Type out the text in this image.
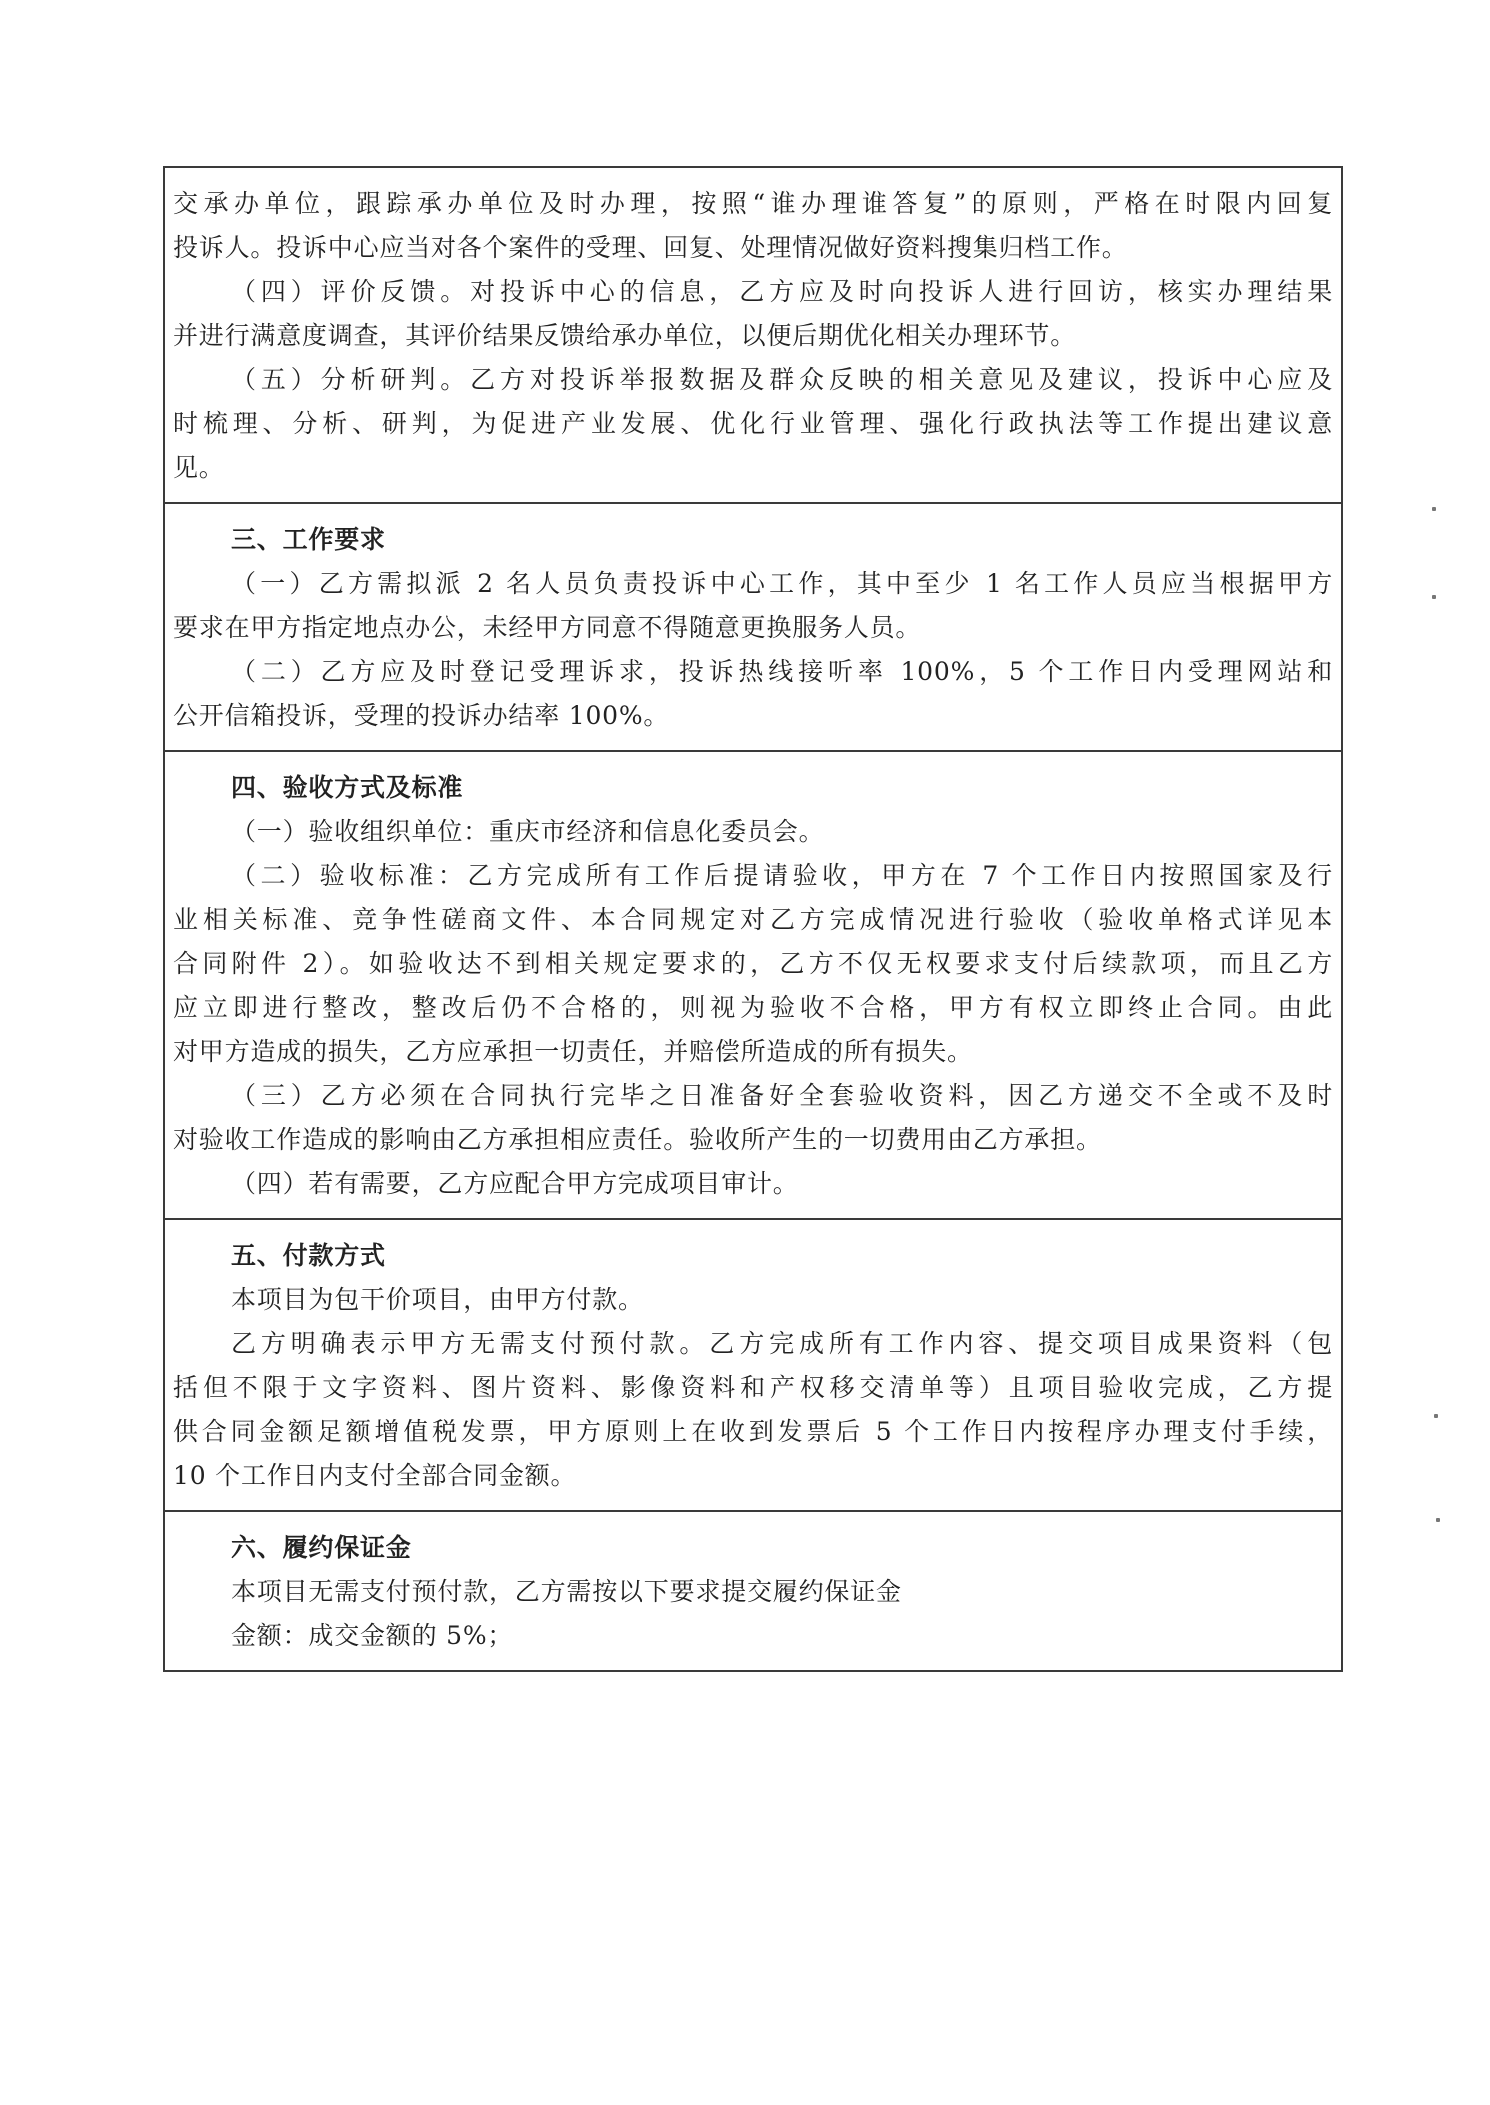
交承办单位，跟踪承办单位及时办理，按照“谁办理谁答复”的原则，严格在时限内回复
投诉人。投诉中心应当对各个案件的受理、回复、处理情况做好资料搜集归档工作。
（四）评价反馈。对投诉中心的信息，乙方应及时向投诉人进行回访，核实办理结果
并进行满意度调查，其评价结果反馈给承办单位，以便后期优化相关办理环节。
（五）分析研判。乙方对投诉举报数据及群众反映的相关意见及建议，投诉中心应及
时梳理、分析、研判，为促进产业发展、优化行业管理、强化行政执法等工作提出建议意
见。
三、工作要求
（一）乙方需拟派 2 名人员负责投诉中心工作，其中至少 1 名工作人员应当根据甲方
要求在甲方指定地点办公，未经甲方同意不得随意更换服务人员。
（二）乙方应及时登记受理诉求，投诉热线接听率 100%，5 个工作日内受理网站和
公开信箱投诉，受理的投诉办结率 100%。
四、验收方式及标准
（一）验收组织单位：重庆市经济和信息化委员会。
（二）验收标准：乙方完成所有工作后提请验收，甲方在 7 个工作日内按照国家及行
业相关标准、竞争性磋商文件、本合同规定对乙方完成情况进行验收（验收单格式详见本
合同附件 2）。如验收达不到相关规定要求的，乙方不仅无权要求支付后续款项，而且乙方
应立即进行整改，整改后仍不合格的，则视为验收不合格，甲方有权立即终止合同。由此
对甲方造成的损失，乙方应承担一切责任，并赔偿所造成的所有损失。
（三）乙方必须在合同执行完毕之日准备好全套验收资料，因乙方递交不全或不及时
对验收工作造成的影响由乙方承担相应责任。验收所产生的一切费用由乙方承担。
（四）若有需要，乙方应配合甲方完成项目审计。
五、付款方式
本项目为包干价项目，由甲方付款。
乙方明确表示甲方无需支付预付款。乙方完成所有工作内容、提交项目成果资料（包
括但不限于文字资料、图片资料、影像资料和产权移交清单等）且项目验收完成，乙方提
供合同金额足额增值税发票，甲方原则上在收到发票后 5 个工作日内按程序办理支付手续，
10 个工作日内支付全部合同金额。
六、履约保证金
本项目无需支付预付款，乙方需按以下要求提交履约保证金
金额：成交金额的 5%；
